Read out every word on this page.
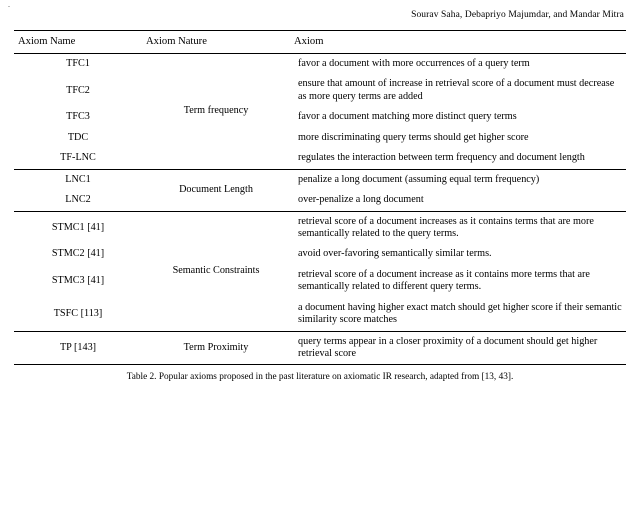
.
Sourav Saha, Debapriyo Majumdar, and Mandar Mitra
Axiom Name	Axiom Nature	Axiom
TFC1	Term frequency	favor a document with more occurrences of a query term
TFC2		ensure that amount of increase in retrieval score of a document must decrease as more query terms are added
TFC3		favor a document matching more distinct query terms
TDC		more discriminating query terms should get higher score
TF-LNC		regulates the interaction between term frequency and document length
LNC1	Document Length	penalize a long document (assuming equal term frequency)
LNC2		over-penalize a long document
STMC1 [41]	Semantic Constraints	retrieval score of a document increases as it contains terms that are more semantically related to the query terms.
STMC2 [41]		avoid over-favoring semantically similar terms.
STMC3 [41]		retrieval score of a document increase as it contains more terms that are semantically related to different query terms.
TSFC [113]		a document having higher exact match should get higher score if their semantic similarity score matches
TP [143]	Term Proximity	query terms appear in a closer proximity of a document should get higher retrieval score
Table 2. Popular axioms proposed in the past literature on axiomatic IR research, adapted from [13, 43].
